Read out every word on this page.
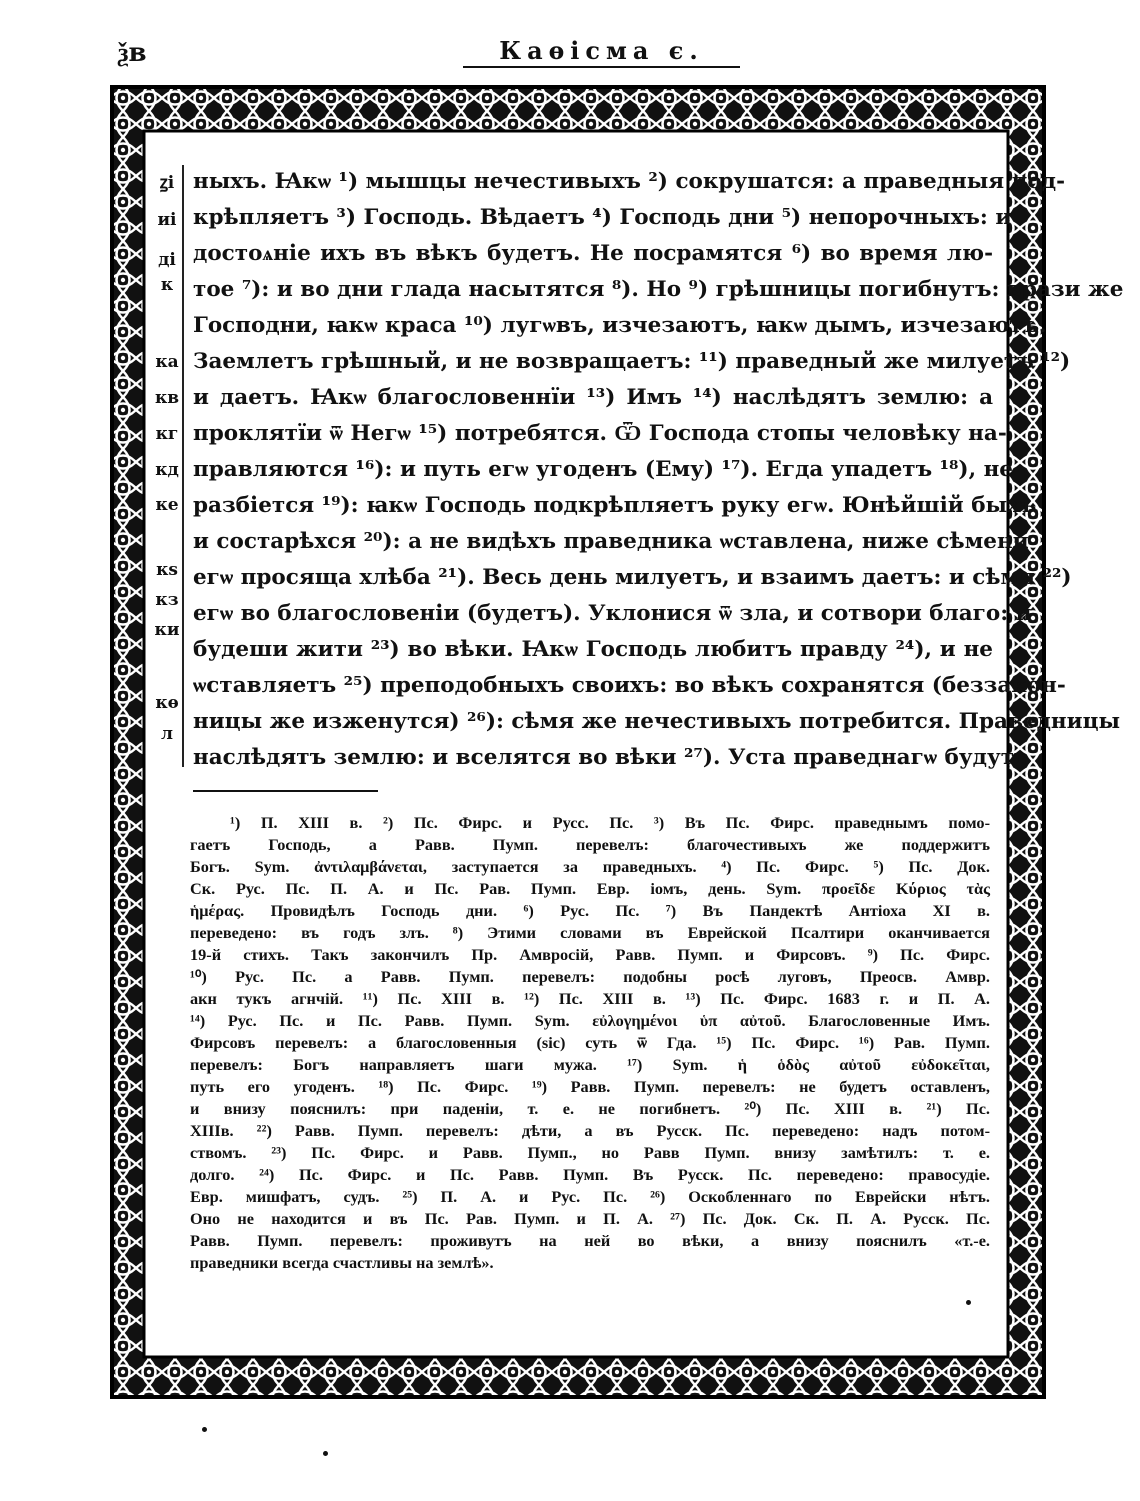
ѯв	Каѳісма є.
ꙁі
иі
ді
к
ка
кв
кг
кд
ке
кѕ
кз
ки
кѳ
л
ныхъ. Ꙗкѡ ¹) мышцы нечестивыхъ ²) сокрушатся: а праведныя под-
крѣпляетъ ³) Господь. Вѣдаетъ ⁴) Господь дни ⁵) непорочныхъ: и
достоѧніе ихъ въ вѣкъ будетъ. Не посрамятся ⁶) во время лю-
тое ⁷): и во дни глада насытятся ⁸). Но ⁹) грѣшницы погибнутъ: врази же
Господни, ꙗкѡ краса ¹⁰) лугѡвъ, изчезаютъ, ꙗкѡ дымъ, изчезаютъ.
Заемлетъ грѣшный, и не возвращаетъ: ¹¹) праведный же милуетъ ¹²)
и даетъ. Ꙗкѡ благословеннїи ¹³) Имъ ¹⁴) наслѣдятъ землю: а
проклятїи ѿ Негѡ ¹⁵) потребятся. Ѿ Господа стопы человѣку на-
правляются ¹⁶): и путь егѡ угоденъ (Ему) ¹⁷). Егда упадетъ ¹⁸), не
разбіется ¹⁹): ꙗкѡ Господь подкрѣпляетъ руку егѡ. Юнѣйшій быхъ
и состарѣхся ²⁰): а не видѣхъ праведника ѡставлена, ниже сѣмени
егѡ просяща хлѣба ²¹). Весь день милуетъ, и взаимъ даетъ: и сѣмя ²²)
егѡ во благословеніи (будетъ). Уклонися ѿ зла, и сотвори благо: и
будеши жити ²³) во вѣки. Ꙗкѡ Господь любитъ правду ²⁴), и не
ѡставляетъ ²⁵) преподобныхъ своихъ: во вѣкъ сохранятся (беззакон-
ницы же изженутся) ²⁶): сѣмя же нечестивыхъ потребится. Праведницы
наслѣдятъ землю: и вселятся во вѣки ²⁷). Уста праведнагѡ будутъ
¹) П. XIII в. ²) Пс. Фирс. и Русс. Пс. ³) Въ Пс. Фирс. праведнымъ помо-
гаетъ Господь, а Равв. Пумп. перевелъ: благочестивыхъ же поддержитъ
Богъ. Sym. ἀντιλαμβάνεται, заступается за праведныхъ. ⁴) Пс. Фирс. ⁵) Пс. Док.
Ск. Рус. Пс. П. А. и Пс. Рав. Пумп. Евр. іомъ, день. Sym. προεῖδε Κύριος τὰς
ἡμέρας. Провидѣлъ Господь дни. ⁶) Рус. Пс. ⁷) Въ Пандектѣ Антіоха XI в.
переведено: въ годъ злъ. ⁸) Этими словами въ Еврейской Псалтири оканчивается
19-й стихъ. Такъ закончилъ Пр. Амвросій, Равв. Пумп. и Фирсовъ. ⁹) Пс. Фирс.
¹⁰) Рус. Пс. а Равв. Пумп. перевелъ: подобны росѣ луговъ, Преосв. Амвр.
акн тукъ агнчій. ¹¹) Пс. XIII в. ¹²) Пс. XIII в. ¹³) Пс. Фирс. 1683 г. и П. А.
¹⁴) Рус. Пс. и Пс. Равв. Пумп. Sym. εὐλογημένοι ὑπ αὐτοῦ. Благословенные Имъ.
Фирсовъ перевелъ: а благословенныя (sic) суть ѿ Гда. ¹⁵) Пс. Фирс. ¹⁶) Рав. Пумп.
перевелъ: Богъ направляетъ шаги мужа. ¹⁷) Sym. ἡ ὁδὸς αὐτοῦ εὐδοκεῖται,
путь его угоденъ. ¹⁸) Пс. Фирс. ¹⁹) Равв. Пумп. перевелъ: не будетъ оставленъ,
и внизу пояснилъ: при паденіи, т. е. не погибнетъ. ²⁰) Пс. XIII в. ²¹) Пс.
XIIIв. ²²) Равв. Пумп. перевелъ: дѣти, а въ Русск. Пс. переведено: надъ потом-
ствомъ. ²³) Пс. Фирс. и Равв. Пумп., но Равв Пумп. внизу замѣтилъ: т. е.
долго. ²⁴) Пс. Фирс. и Пс. Равв. Пумп. Въ Русск. Пс. переведено: правосудіе.
Евр. мишфатъ, судъ. ²⁵) П. А. и Рус. Пс. ²⁶) Оскобленнаго по Еврейски нѣтъ.
Оно не находится и въ Пс. Рав. Пумп. и П. А. ²⁷) Пс. Док. Ск. П. А. Русск. Пс.
Равв. Пумп. перевелъ: проживутъ на ней во вѣки, а внизу пояснилъ «т.-е.
праведники всегда счастливы на землѣ».
